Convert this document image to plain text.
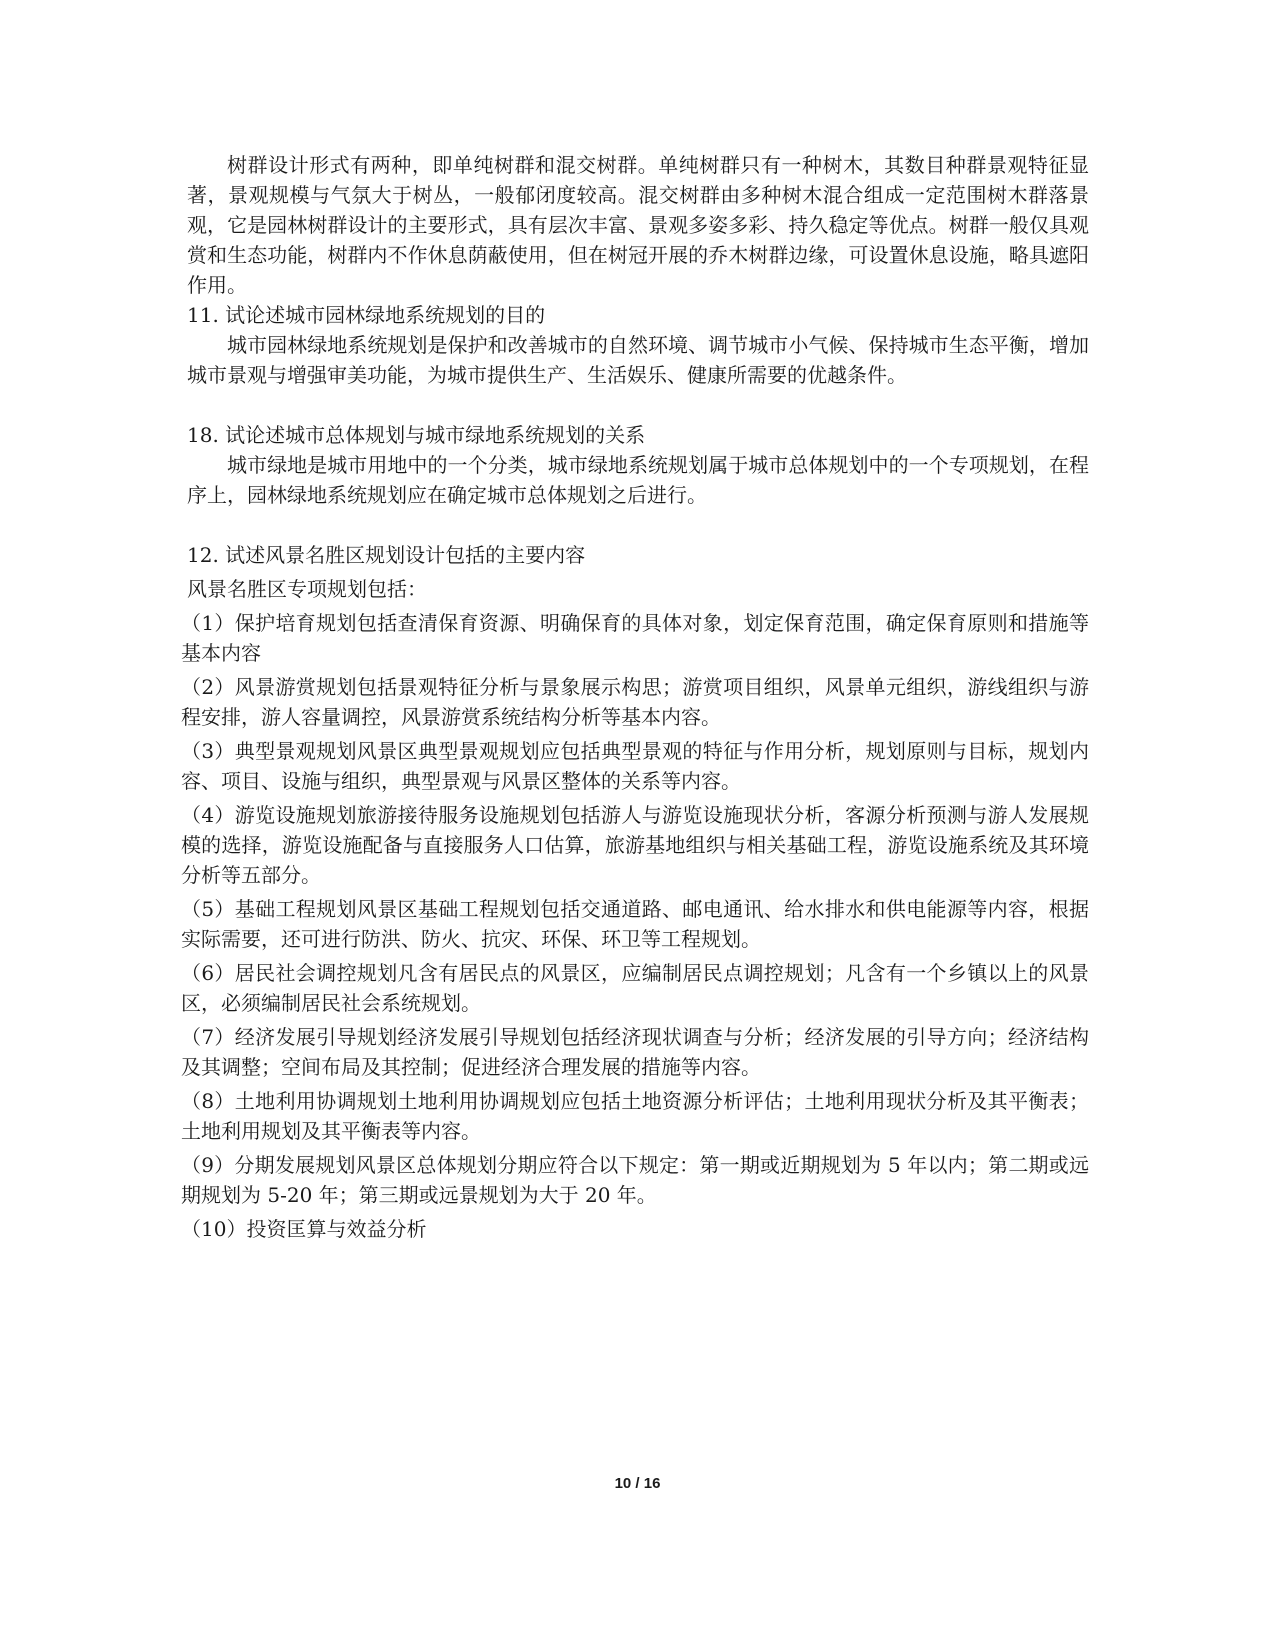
树群设计形式有两种，即单纯树群和混交树群。单纯树群只有一种树木，其数目种群景观特征显著，景观规模与气氛大于树丛，一般郁闭度较高。混交树群由多种树木混合组成一定范围树木群落景观，它是园林树群设计的主要形式，具有层次丰富、景观多姿多彩、持久稳定等优点。树群一般仅具观赏和生态功能，树群内不作休息荫蔽使用，但在树冠开展的乔木树群边缘，可设置休息设施，略具遮阳作用。

11. 试论述城市园林绿地系统规划的目的

城市园林绿地系统规划是保护和改善城市的自然环境、调节城市小气候、保持城市生态平衡，增加城市景观与增强审美功能，为城市提供生产、生活娱乐、健康所需要的优越条件。

18. 试论述城市总体规划与城市绿地系统规划的关系

城市绿地是城市用地中的一个分类，城市绿地系统规划属于城市总体规划中的一个专项规划，在程序上，园林绿地系统规划应在确定城市总体规划之后进行。

12. 试述风景名胜区规划设计包括的主要内容

风景名胜区专项规划包括：

（1）保护培育规划包括查清保育资源、明确保育的具体对象，划定保育范围，确定保育原则和措施等基本内容

（2）风景游赏规划包括景观特征分析与景象展示构思；游赏项目组织，风景单元组织，游线组织与游程安排，游人容量调控，风景游赏系统结构分析等基本内容。

（3）典型景观规划风景区典型景观规划应包括典型景观的特征与作用分析，规划原则与目标，规划内容、项目、设施与组织，典型景观与风景区整体的关系等内容。

（4）游览设施规划旅游接待服务设施规划包括游人与游览设施现状分析，客源分析预测与游人发展规模的选择，游览设施配备与直接服务人口估算，旅游基地组织与相关基础工程，游览设施系统及其环境分析等五部分。

（5）基础工程规划风景区基础工程规划包括交通道路、邮电通讯、给水排水和供电能源等内容，根据实际需要，还可进行防洪、防火、抗灾、环保、环卫等工程规划。

（6）居民社会调控规划凡含有居民点的风景区，应编制居民点调控规划；凡含有一个乡镇以上的风景区，必须编制居民社会系统规划。

（7）经济发展引导规划经济发展引导规划包括经济现状调查与分析；经济发展的引导方向；经济结构及其调整；空间布局及其控制；促进经济合理发展的措施等内容。

（8）土地利用协调规划土地利用协调规划应包括土地资源分析评估；土地利用现状分析及其平衡表；土地利用规划及其平衡表等内容。

（9）分期发展规划风景区总体规划分期应符合以下规定：第一期或近期规划为 5 年以内；第二期或远期规划为 5-20 年；第三期或远景规划为大于 20 年。

（10）投资匡算与效益分析

10 / 16
